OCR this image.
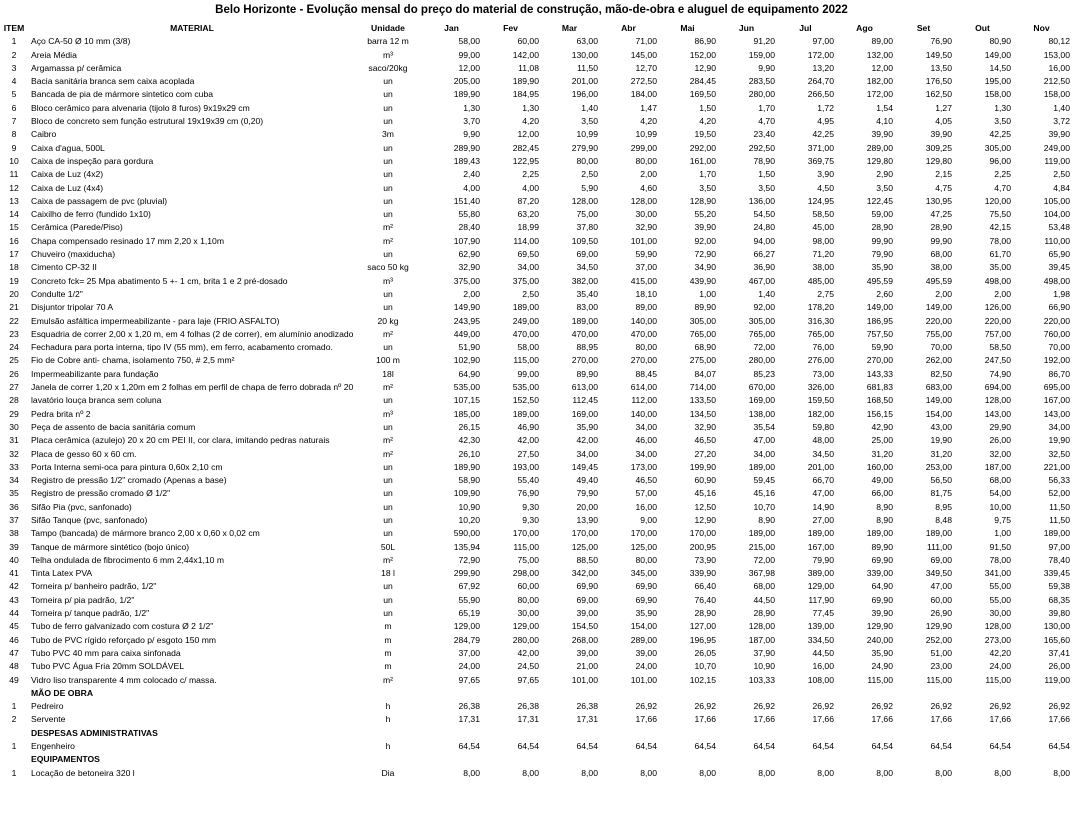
Belo Horizonte - Evolução mensal do preço do material de construção, mão-de-obra e aluguel de equipamento 2022
ITEM	MATERIAL	Unidade	Jan	Fev	Mar	Abr	Mai	Jun	Jul	Ago	Set	Out	Nov
1	Aço CA-50 Ø 10 mm (3/8)	barra 12 m	58,00	60,00	63,00	71,00	86,90	91,20	97,00	89,00	76,90	80,90	80,12
2	Areia Média	m³	99,00	142,00	130,00	145,00	152,00	159,00	172,00	132,00	149,50	149,00	153,00
3	Argamassa p/ cerâmica	saco/20kg	12,00	11,08	11,50	12,70	12,90	9,90	13,20	12,00	13,50	14,50	16,00
4	Bacia sanitária branca sem caixa acoplada	un	205,00	189,90	201,00	272,50	284,45	283,50	264,70	182,00	176,50	195,00	212,50
5	Bancada de pia de mármore sintetico com cuba	un	189,90	184,95	196,00	184,00	169,50	280,00	266,50	172,00	162,50	158,00	158,00
6	Bloco cerâmico para alvenaria (tijolo 8 furos) 9x19x29 cm	un	1,30	1,30	1,40	1,47	1,50	1,70	1,72	1,54	1,27	1,30	1,40
7	Bloco de concreto sem função estrutural 19x19x39 cm (0,20)	un	3,70	4,20	3,50	4,20	4,20	4,70	4,95	4,10	4,05	3,50	3,72
8	Caibro	3m	9,90	12,00	10,99	10,99	19,50	23,40	42,25	39,90	39,90	42,25	39,90
9	Caixa d'agua, 500L	un	289,90	282,45	279,90	299,00	292,00	292,50	371,00	289,00	309,25	305,00	249,00
10	Caixa de inspeção para gordura	un	189,43	122,95	80,00	80,00	161,00	78,90	369,75	129,80	129,80	96,00	119,00
11	Caixa de Luz (4x2)	un	2,40	2,25	2,50	2,00	1,70	1,50	3,90	2,90	2,15	2,25	2,50
12	Caixa de Luz (4x4)	un	4,00	4,00	5,90	4,60	3,50	3,50	4,50	3,50	4,75	4,70	4,84
13	Caixa de passagem de pvc (pluvial)	un	151,40	87,20	128,00	128,00	128,90	136,00	124,95	122,45	130,95	120,00	105,00
14	Caixilho de ferro (fundido 1x10)	un	55,80	63,20	75,00	30,00	55,20	54,50	58,50	59,00	47,25	75,50	104,00
15	Cerâmica (Parede/Piso)	m²	28,40	18,99	37,80	32,90	39,90	24,80	45,00	28,90	28,90	42,15	53,48
16	Chapa compensado resinado 17 mm 2,20 x 1,10m	m²	107,90	114,00	109,50	101,00	92,00	94,00	98,00	99,90	99,90	78,00	110,00
17	Chuveiro (maxiducha)	un	62,90	69,50	69,00	59,90	72,90	66,27	71,20	79,90	68,00	61,70	65,90
18	Cimento CP-32 II	saco 50 kg	32,90	34,00	34,50	37,00	34,90	36,90	38,00	35,90	38,00	35,00	39,45
19	Concreto fck= 25 Mpa abatimento 5 +- 1 cm, brita 1 e 2 pré-dosado	m³	375,00	375,00	382,00	415,00	439,90	467,00	485,00	495,59	495,59	498,00	498,00
20	Condulte 1/2"	un	2,00	2,50	35,40	18,10	1,00	1,40	2,75	2,60	2,00	2,00	1,98
21	Disjuntor tripolar 70 A	un	149,90	189,00	83,00	89,00	89,90	92,00	178,20	149,00	149,00	126,00	66,90
22	Emulsão asfáltica impermeabilizante - para laje (FRIO ASFALTO)	20 kg	243,95	249,00	189,00	140,00	305,00	305,00	316,30	186,95	220,00	220,00	220,00
23	Esquadria de correr 2,00 x 1,20 m, em 4 folhas (2 de correr), em alumínio anodizado	m²	449,00	470,00	470,00	470,00	765,00	765,00	765,00	757,50	755,00	757,00	760,00
24	Fechadura para porta interna, tipo IV (55 mm), em ferro, acabamento cromado.	un	51,90	58,00	88,95	80,00	68,90	72,00	76,00	59,90	70,00	58,50	70,00
25	Fio de Cobre anti- chama, isolamento 750, # 2,5 mm²	100 m	102,90	115,00	270,00	270,00	275,00	280,00	276,00	270,00	262,00	247,50	192,00
26	Impermeabilizante para fundação	18l	64,90	99,00	89,90	88,45	84,07	85,23	73,00	143,33	82,50	74,90	86,70
27	Janela de correr 1,20 x 1,20m em 2 folhas em perfil de chapa de ferro dobrada nº 20	m²	535,00	535,00	613,00	614,00	714,00	670,00	326,00	681,83	683,00	694,00	695,00
28	lavatório louça branca sem coluna	un	107,15	152,50	112,45	112,00	133,50	169,00	159,50	168,50	149,00	128,00	167,00
29	Pedra brita nº 2	m³	185,00	189,00	169,00	140,00	134,50	138,00	182,00	156,15	154,00	143,00	143,00
30	Peça de assento de bacia sanitária comum	un	26,15	46,90	35,90	34,00	32,90	35,54	59,80	42,90	43,00	29,90	34,00
31	Placa cerâmica (azulejo) 20 x 20 cm PEI II, cor clara, imitando pedras naturais	m²	42,30	42,00	42,00	46,00	46,50	47,00	48,00	25,00	19,90	26,00	19,90
32	Placa de gesso 60 x 60 cm.	m²	26,10	27,50	34,00	34,00	27,20	34,00	34,50	31,20	31,20	32,00	32,50
33	Porta Interna semi-oca para pintura 0,60x 2,10 cm	un	189,90	193,00	149,45	173,00	199,90	189,00	201,00	160,00	253,00	187,00	221,00
34	Registro de pressão 1/2" cromado (Apenas a base)	un	58,90	55,40	49,40	46,50	60,90	59,45	66,70	49,00	56,50	68,00	56,33
35	Registro de pressão cromado Ø 1/2"	un	109,90	76,90	79,90	57,00	45,16	45,16	47,00	66,00	81,75	54,00	52,00
36	Sifão Pia (pvc, sanfonado)	un	10,90	9,30	20,00	16,00	12,50	10,70	14,90	8,90	8,95	10,00	11,50
37	Sifão Tanque (pvc, sanfonado)	un	10,20	9,30	13,90	9,00	12,90	8,90	27,00	8,90	8,48	9,75	11,50
38	Tampo (bancada) de mármore branco 2,00 x 0,60 x 0,02 cm	un	590,00	170,00	170,00	170,00	170,00	189,00	189,00	189,00	189,00	1,00	189,00
39	Tanque de mármore sintético (bojo único)	50L	135,94	115,00	125,00	125,00	200,95	215,00	167,00	89,90	111,00	91,50	97,00
40	Telha ondulada de fibrocimento 6 mm 2,44x1,10 m	m²	72,90	75,00	88,50	80,00	73,90	72,00	79,90	69,90	69,00	78,00	78,40
41	Tinta Latex PVA	18 l	299,90	298,00	342,00	345,00	339,90	367,98	389,00	339,00	349,50	341,00	339,45
42	Torneira p/ banheiro padrão, 1/2"	un	67,92	60,00	69,90	69,90	66,40	68,00	129,00	64,90	47,00	55,00	59,38
43	Torneira p/ pia padrão, 1/2"	un	55,90	80,00	69,00	69,90	76,40	44,50	117,90	69,90	60,00	55,00	68,35
44	Torneira p/ tanque padrão, 1/2"	un	65,19	30,00	39,00	35,90	28,90	28,90	77,45	39,90	26,90	30,00	39,80
45	Tubo de ferro galvanizado com costura Ø 2 1/2"	m	129,00	129,00	154,50	154,00	127,00	128,00	139,00	129,90	129,90	128,00	130,00
46	Tubo de PVC rígido reforçado p/ esgoto 150 mm	m	284,79	280,00	268,00	289,00	196,95	187,00	334,50	240,00	252,00	273,00	165,60
47	Tubo PVC 40 mm para caixa sinfonada	m	37,00	42,00	39,00	39,00	26,05	37,90	44,50	35,90	51,00	42,20	37,41
48	Tubo PVC Água Fria 20mm SOLDÁVEL	m	24,00	24,50	21,00	24,00	10,70	10,90	16,00	24,90	23,00	24,00	26,00
49	Vidro liso transparente 4 mm colocado c/ massa.	m²	97,65	97,65	101,00	101,00	102,15	103,33	108,00	115,00	115,00	115,00	119,00
	MÃO DE OBRA												
1	Pedreiro	h	26,38	26,38	26,38	26,92	26,92	26,92	26,92	26,92	26,92	26,92	26,92
2	Servente	h	17,31	17,31	17,31	17,66	17,66	17,66	17,66	17,66	17,66	17,66	17,66
	DESPESAS ADMINISTRATIVAS												
1	Engenheiro	h	64,54	64,54	64,54	64,54	64,54	64,54	64,54	64,54	64,54	64,54	64,54
	EQUIPAMENTOS												
1	Locação de betoneira 320 l	Dia	8,00	8,00	8,00	8,00	8,00	8,00	8,00	8,00	8,00	8,00	8,00
